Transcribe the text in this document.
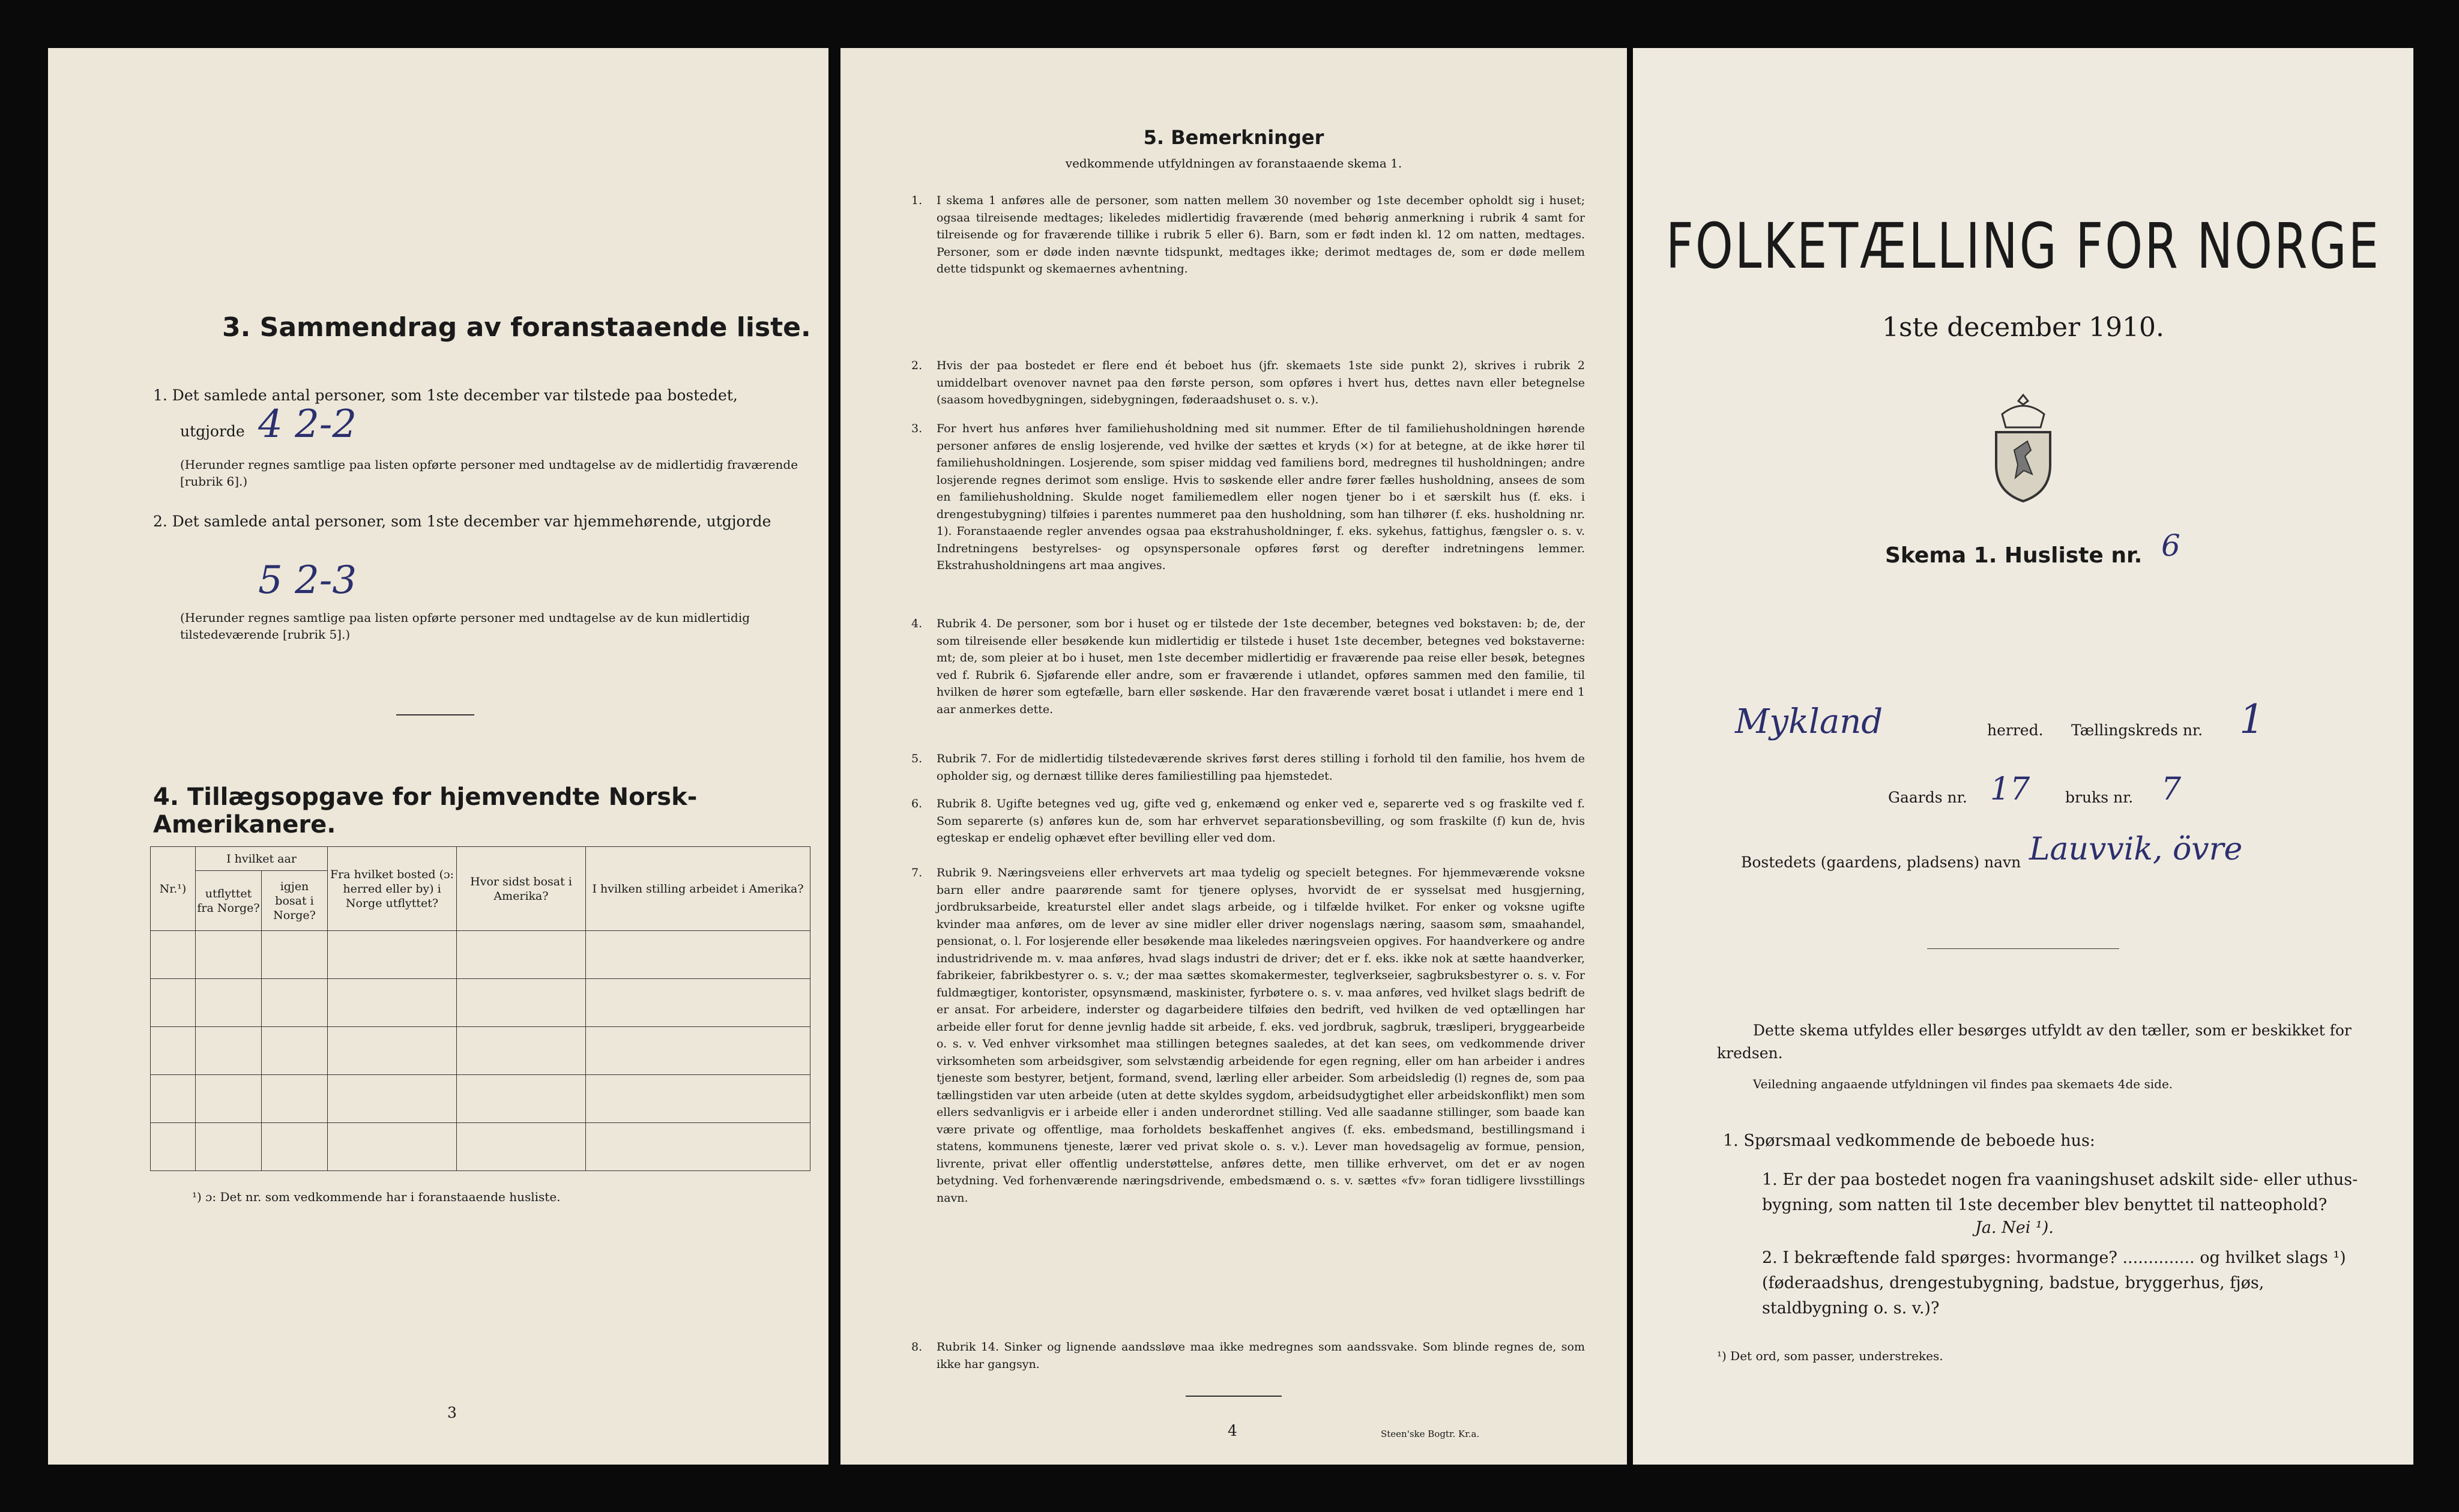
3. Sammendrag av foranstaaende liste.
1. Det samlede antal personer, som 1ste december var tilstede paa bostedet,
utgjorde 4 2-2
(Herunder regnes samtlige paa listen opførte personer med undtagelse av de midlertidig fraværende [rubrik 6].)
2. Det samlede antal personer, som 1ste december var hjemmehørende, utgjorde
5 2-3
(Herunder regnes samtlige paa listen opførte personer med undtagelse av de kun midlertidig tilstedeværende [rubrik 5].)
4. Tillægsopgave for hjemvendte Norsk-Amerikanere.
Nr.¹)	I hvilket aar		Fra hvilket bosted (ɔ: herred eller by) i Norge utflyttet?	Hvor sidst bosat i Amerika?	I hvilken stilling arbeidet i Amerika?
	utflyttet fra Norge?	igjen bosat i Norge?			

¹) ɔ: Det nr. som vedkommende har i foranstaaende husliste.
3
5. Bemerkninger
vedkommende utfyldningen av foranstaaende skema 1.
1. I skema 1 anføres alle de personer, som natten mellem 30 november og 1ste december opholdt sig i huset; ogsaa tilreisende medtages; likeledes midlertidig fraværende (med behørig anmerkning i rubrik 4 samt for tilreisende og for fraværende tillike i rubrik 5 eller 6). Barn, som er født inden kl. 12 om natten, medtages. Personer, som er døde inden nævnte tidspunkt, medtages ikke; derimot medtages de, som er døde mellem dette tidspunkt og skemaernes avhentning.
2. Hvis der paa bostedet er flere end ét beboet hus (jfr. skemaets 1ste side punkt 2), skrives i rubrik 2 umiddelbart ovenover navnet paa den første person, som opføres i hvert hus, dettes navn eller betegnelse (saasom hovedbygningen, sidebygningen, føderaadshuset o. s. v.).
3. For hvert hus anføres hver familiehusholdning med sit nummer. Efter de til familiehusholdningen hørende personer anføres de enslig losjerende, ved hvilke der sættes et kryds (×) for at betegne, at de ikke hører til familiehusholdningen. Losjerende, som spiser middag ved familiens bord, medregnes til husholdningen; andre losjerende regnes derimot som enslige. Hvis to søskende eller andre fører fælles husholdning, ansees de som en familiehusholdning. Skulde noget familiemedlem eller nogen tjener bo i et særskilt hus (f. eks. i drengestubygning) tilføies i parentes nummeret paa den husholdning, som han tilhører (f. eks. husholdning nr. 1). Foranstaaende regler anvendes ogsaa paa ekstrahusholdninger, f. eks. sykehus, fattighus, fængsler o. s. v. Indretningens bestyrelses- og opsynspersonale opføres først og derefter indretningens lemmer. Ekstrahusholdningens art maa angives.
4. Rubrik 4. De personer, som bor i huset og er tilstede der 1ste december, betegnes ved bokstaven: b; de, der som tilreisende eller besøkende kun midlertidig er tilstede i huset 1ste december, betegnes ved bokstaverne: mt; de, som pleier at bo i huset, men 1ste december midlertidig er fraværende paa reise eller besøk, betegnes ved f. Rubrik 6. Sjøfarende eller andre, som er fraværende i utlandet, opføres sammen med den familie, til hvilken de hører som egtefælle, barn eller søskende. Har den fraværende været bosat i utlandet i mere end 1 aar anmerkes dette.
5. Rubrik 7. For de midlertidig tilstedeværende skrives først deres stilling i forhold til den familie, hos hvem de opholder sig, og dernæst tillike deres familiestilling paa hjemstedet.
6. Rubrik 8. Ugifte betegnes ved ug, gifte ved g, enkemænd og enker ved e, separerte ved s og fraskilte ved f. Som separerte (s) anføres kun de, som har erhvervet separationsbevilling, og som fraskilte (f) kun de, hvis egteskap er endelig ophævet efter bevilling eller ved dom.
7. Rubrik 9. Næringsveiens eller erhvervets art maa tydelig og specielt betegnes. For hjemmeværende voksne barn eller andre paarørende samt for tjenere oplyses, hvorvidt de er sysselsat med husgjerning, jordbruksarbeide, kreaturstel eller andet slags arbeide, og i tilfælde hvilket. For enker og voksne ugifte kvinder maa anføres, om de lever av sine midler eller driver nogenslags næring, saasom søm, smaahandel, pensionat, o. l. For losjerende eller besøkende maa likeledes næringsveien opgives. For haandverkere og andre industridrivende m. v. maa anføres, hvad slags industri de driver; det er f. eks. ikke nok at sætte haandverker, fabrikeier, fabrikbestyrer o. s. v.; der maa sættes skomakermester, teglverkseier, sagbruksbestyrer o. s. v. For fuldmægtiger, kontorister, opsynsmænd, maskinister, fyrbøtere o. s. v. maa anføres, ved hvilket slags bedrift de er ansat. For arbeidere, inderster og dagarbeidere tilføies den bedrift, ved hvilken de ved optællingen har arbeide eller forut for denne jevnlig hadde sit arbeide, f. eks. ved jordbruk, sagbruk, træsliperi, bryggearbeide o. s. v. Ved enhver virksomhet maa stillingen betegnes saaledes, at det kan sees, om vedkommende driver virksomheten som arbeidsgiver, som selvstændig arbeidende for egen regning, eller om han arbeider i andres tjeneste som bestyrer, betjent, formand, svend, lærling eller arbeider. Som arbeidsledig (l) regnes de, som paa tællingstiden var uten arbeide (uten at dette skyldes sygdom, arbeidsudygtighet eller arbeidskonflikt) men som ellers sedvanligvis er i arbeide eller i anden underordnet stilling. Ved alle saadanne stillinger, som baade kan være private og offentlige, maa forholdets beskaffenhet angives (f. eks. embedsmand, bestillingsmand i statens, kommunens tjeneste, lærer ved privat skole o. s. v.). Lever man hovedsagelig av formue, pension, livrente, privat eller offentlig understøttelse, anføres dette, men tillike erhvervet, om det er av nogen betydning. Ved forhenværende næringsdrivende, embedsmænd o. s. v. sættes «fv» foran tidligere livsstillings navn.
8. Rubrik 14. Sinker og lignende aandssløve maa ikke medregnes som aandssvake. Som blinde regnes de, som ikke har gangsyn.
4	Steen'ske Bogtr. Kr.a.
FOLKETÆLLING FOR NORGE
1ste december 1910.
Skema 1. Husliste nr. 6
Mykland	herred. Tællingskreds nr. 1
Gaards nr. 17 bruks nr. 7
Bostedets (gaardens, pladsens) navn Lauvvik, övre
Dette skema utfyldes eller besørges utfyldt av den tæller, som er beskikket for kredsen.
Veiledning angaaende utfyldningen vil findes paa skemaets 4de side.
1. Spørsmaal vedkommende de beboede hus:
1. Er der paa bostedet nogen fra vaaningshuset adskilt side- eller uthus-bygning, som natten til 1ste december blev benyttet til natteophold?
Ja. Nei ¹).
2. I bekræftende fald spørges: hvormange? .............. og hvilket slags ¹) (føderaadshus, drengestubygning, badstue, bryggerhus, fjøs, staldbygning o. s. v.)?
¹) Det ord, som passer, understrekes.
